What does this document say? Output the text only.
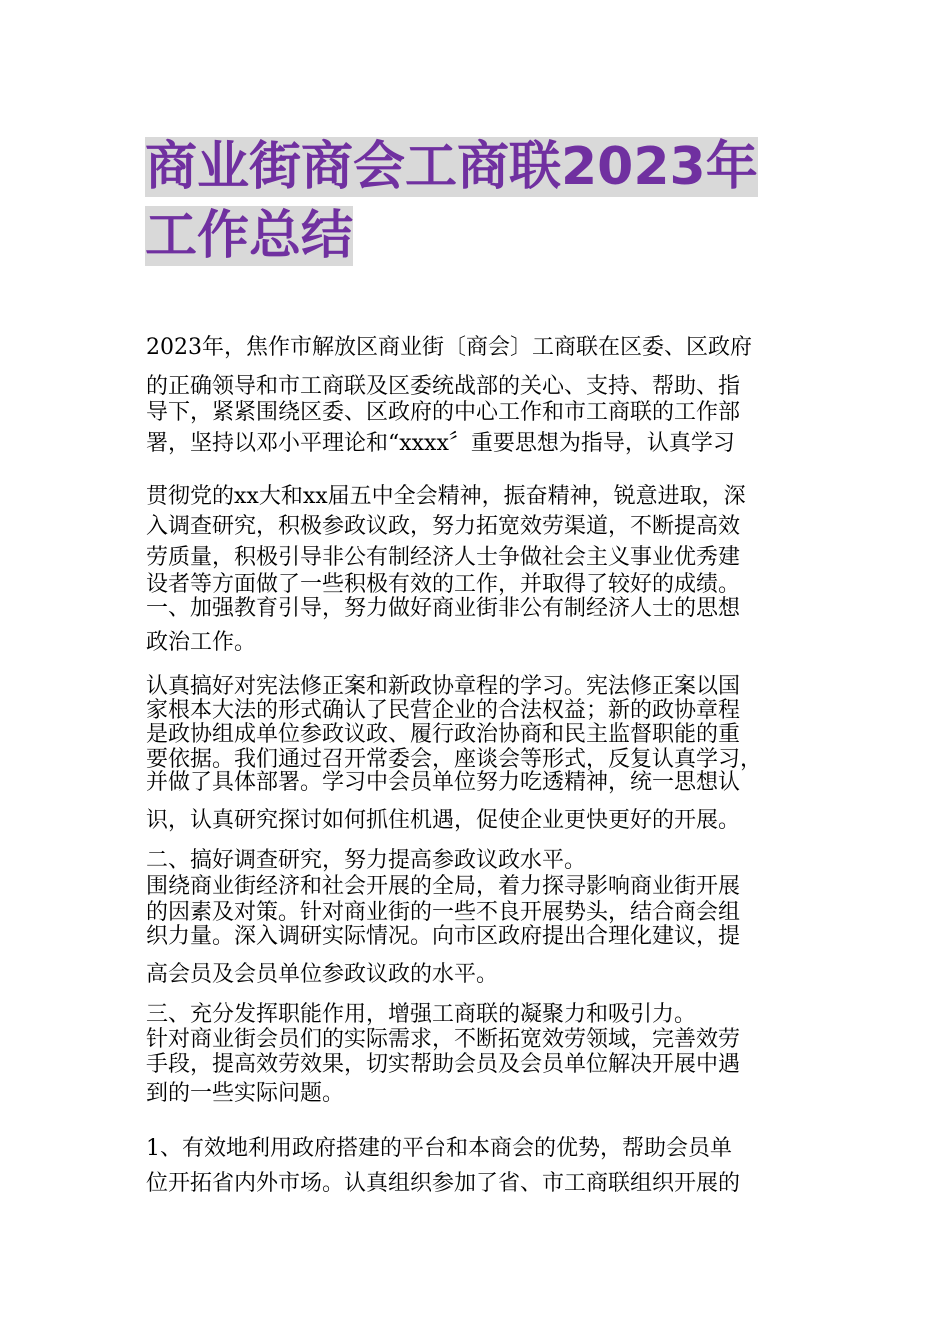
商业街商会工商联2023年
工作总结
2023年，焦作市解放区商业街〔商会〕工商联在区委、区政府
的正确领导和市工商联及区委统战部的关心、支持、帮助、指
导下，紧紧围绕区委、区政府的中心工作和市工商联的工作部
署，坚持以邓小平理论和“xxxx〞重要思想为指导，认真学习
贯彻党的xx大和xx届五中全会精神，振奋精神，锐意进取，深
入调查研究，积极参政议政，努力拓宽效劳渠道，不断提高效
劳质量，积极引导非公有制经济人士争做社会主义事业优秀建
设者等方面做了一些积极有效的工作，并取得了较好的成绩。
一、加强教育引导，努力做好商业街非公有制经济人士的思想
政治工作。
认真搞好对宪法修正案和新政协章程的学习。宪法修正案以国
家根本大法的形式确认了民营企业的合法权益；新的政协章程
是政协组成单位参政议政、履行政治协商和民主监督职能的重
要依据。我们通过召开常委会，座谈会等形式，反复认真学习，
并做了具体部署。学习中会员单位努力吃透精神，统一思想认
识，认真研究探讨如何抓住机遇，促使企业更快更好的开展。
二、搞好调查研究，努力提高参政议政水平。
围绕商业街经济和社会开展的全局，着力探寻影响商业街开展
的因素及对策。针对商业街的一些不良开展势头，结合商会组
织力量。深入调研实际情况。向市区政府提出合理化建议，提
高会员及会员单位参政议政的水平。
三、充分发挥职能作用，增强工商联的凝聚力和吸引力。
针对商业街会员们的实际需求，不断拓宽效劳领域，完善效劳
手段，提高效劳效果，切实帮助会员及会员单位解决开展中遇
到的一些实际问题。
1、有效地利用政府搭建的平台和本商会的优势，帮助会员单
位开拓省内外市场。认真组织参加了省、市工商联组织开展的
